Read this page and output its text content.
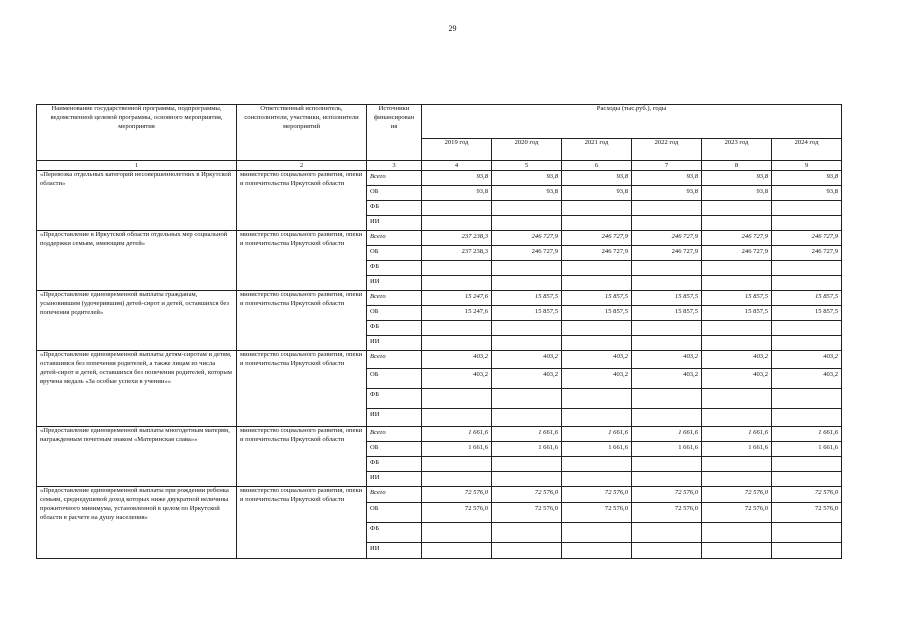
29
Наименование государственной программы, подпрограммы, ведомственной целевой программы, основного мероприятия, мероприятия	Ответственный исполнитель, соисполнители, участники, исполнители мероприятий	Источники финансирован ия	Расходы (тыс.руб.), годы					
			2019 год	2020 год	2021 год	2022 год	2023 год	2024 год
1	2	3	4	5	6	7	8	9
«Перевозка отдельных категорий несовершеннолетних в Иркутской области»	министерство социального развития, опеки и попечительства Иркутской области	Всего	93,8	93,8	93,8	93,8	93,8	93,8
		ОБ	93,8	93,8	93,8	93,8	93,8	93,8
		ФБ						
		ИИ						
«Предоставление в Иркутской области отдельных мер социальной поддержки семьям, имеющим детей»	министерство социального развития, опеки и попечительства Иркутской области	Всего	237 238,3	246 727,9	246 727,9	246 727,9	246 727,9	246 727,9
		ОБ	237 238,3	246 727,9	246 727,9	246 727,9	246 727,9	246 727,9
		ФБ						
		ИИ						
«Предоставление единовременной выплаты гражданам, усыновившим (удочерившим) детей-сирот и детей, оставшихся без попечения родителей»	министерство социального развития, опеки и попечительства Иркутской области	Всего	15 247,6	15 857,5	15 857,5	15 857,5	15 857,5	15 857,5
		ОБ	15 247,6	15 857,5	15 857,5	15 857,5	15 857,5	15 857,5
		ФБ						
		ИИ						
«Предоставление единовременной выплаты детям-сиротам и детям, оставшимся без попечения родителей, а также лицам из числа детей-сирот и детей, оставшихся без попечения родителей, которым вручена медаль «За особые успехи в учении»»	министерство социального развития, опеки и попечительства Иркутской области	Всего	403,2	403,2	403,2	403,2	403,2	403,2
		ОБ	403,2	403,2	403,2	403,2	403,2	403,2
		ФБ						
		ИИ						
«Предоставление единовременной выплаты многодетным матерям, награжденным почетным знаком «Материнская слава»»	министерство социального развития, опеки и попечительства Иркутской области	Всего	1 661,6	1 661,6	1 661,6	1 661,6	1 661,6	1 661,6
		ОБ	1 661,6	1 661,6	1 661,6	1 661,6	1 661,6	1 661,6
		ФБ						
		ИИ						
«Предоставление единовременной выплаты при рождении ребенка семьям, среднедушевой доход которых ниже двукратной величины прожиточного минимума, установленной в целом по Иркутской области в расчете на душу населения»	министерство социального развития, опеки и попечительства Иркутской области	Всего	72 576,0	72 576,0	72 576,0	72 576,0	72 576,0	72 576,0
		ОБ	72 576,0	72 576,0	72 576,0	72 576,0	72 576,0	72 576,0
		ФБ						
		ИИ						
